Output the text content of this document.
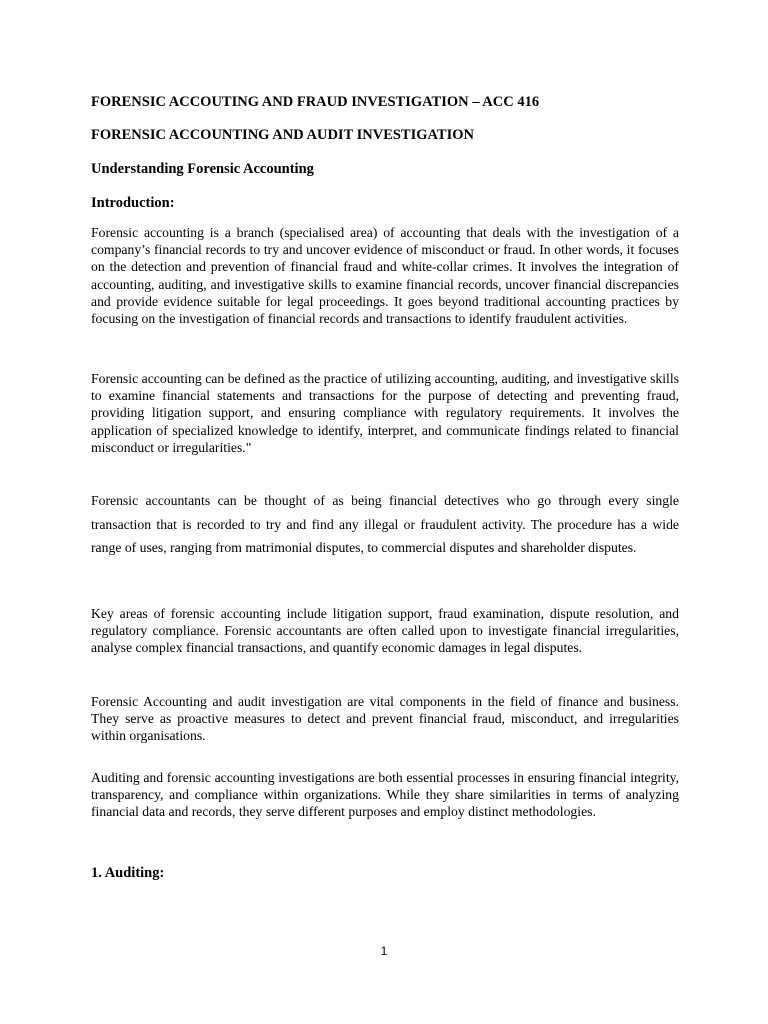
FORENSIC ACCOUTING AND FRAUD INVESTIGATION – ACC 416
FORENSIC ACCOUNTING AND AUDIT INVESTIGATION
Understanding Forensic Accounting
Introduction:

Forensic accounting is a branch (specialised area) of accounting that deals with the investigation of a company’s financial records to try and uncover evidence of misconduct or fraud. In other words, it focuses on the detection and prevention of financial fraud and white-collar crimes. It involves the integration of accounting, auditing, and investigative skills to examine financial records, uncover financial discrepancies and provide evidence suitable for legal proceedings. It goes beyond traditional accounting practices by focusing on the investigation of financial records and transactions to identify fraudulent activities.

Forensic accounting can be defined as the practice of utilizing accounting, auditing, and investigative skills to examine financial statements and transactions for the purpose of detecting and preventing fraud, providing litigation support, and ensuring compliance with regulatory requirements. It involves the application of specialized knowledge to identify, interpret, and communicate findings related to financial misconduct or irregularities."

Forensic accountants can be thought of as being financial detectives who go through every single transaction that is recorded to try and find any illegal or fraudulent activity. The procedure has a wide range of uses, ranging from matrimonial disputes, to commercial disputes and shareholder disputes.

Key areas of forensic accounting include litigation support, fraud examination, dispute resolution, and regulatory compliance. Forensic accountants are often called upon to investigate financial irregularities, analyse complex financial transactions, and quantify economic damages in legal disputes.

Forensic Accounting and audit investigation are vital components in the field of finance and business. They serve as proactive measures to detect and prevent financial fraud, misconduct, and irregularities within organisations.

Auditing and forensic accounting investigations are both essential processes in ensuring financial integrity, transparency, and compliance within organizations. While they share similarities in terms of analyzing financial data and records, they serve different purposes and employ distinct methodologies.

1. Auditing:
1
